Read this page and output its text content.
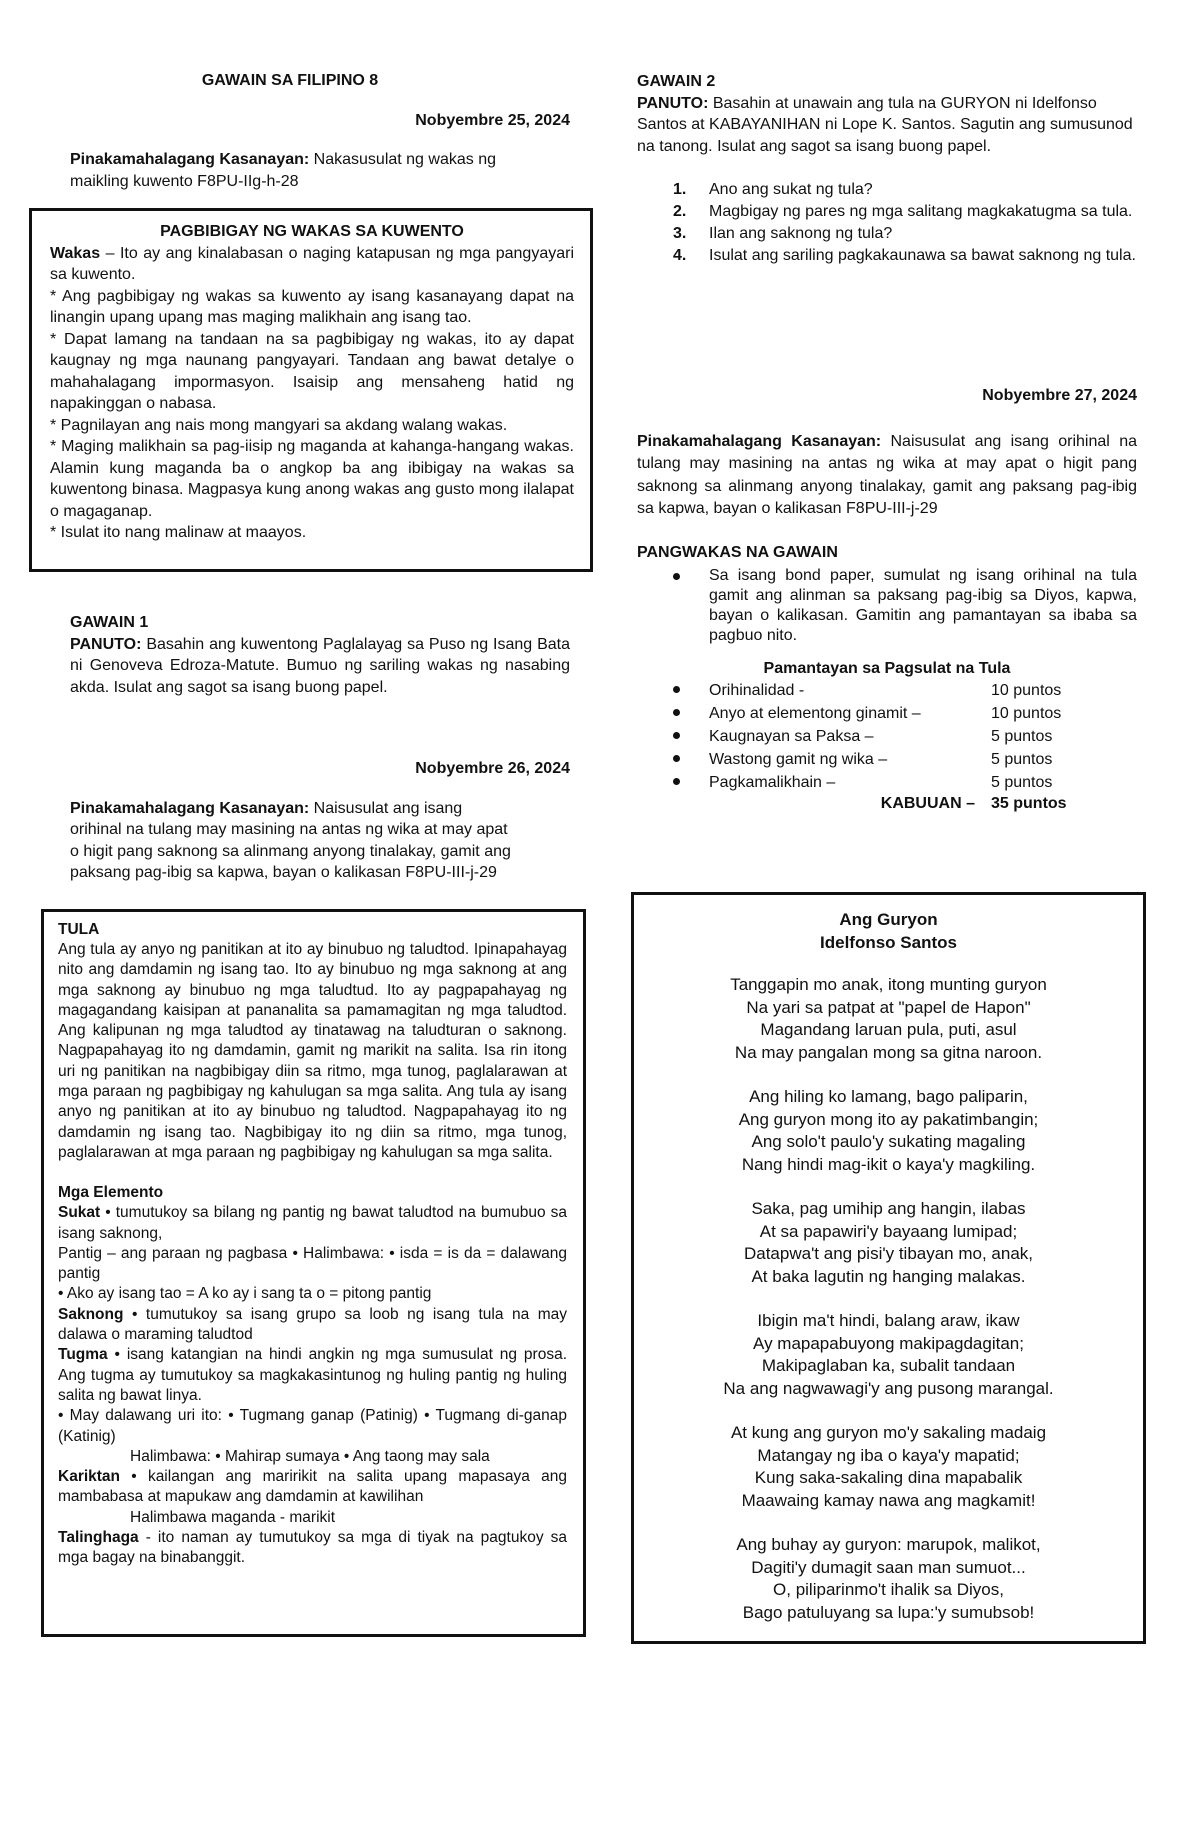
GAWAIN SA FILIPINO 8

Nobyembre 25, 2024

Pinakamahalagang Kasanayan: Nakasusulat ng wakas ng

maikling kuwento F8PU-IIg-h-28

PAGBIBIGAY NG WAKAS SA KUWENTO

Wakas – Ito ay ang kinalabasan o naging katapusan ng mga pangyayari sa kuwento.

* Ang pagbibigay ng wakas sa kuwento ay isang kasanayang dapat na linangin upang upang mas maging malikhain ang isang tao.

* Dapat lamang na tandaan na sa pagbibigay ng wakas, ito ay dapat kaugnay ng mga naunang pangyayari. Tandaan ang bawat detalye o mahahalagang impormasyon. Isaisip ang mensaheng hatid ng napakinggan o nabasa.

* Pagnilayan ang nais mong mangyari sa akdang walang wakas.

* Maging malikhain sa pag-iisip ng maganda at kahanga-hangang wakas. Alamin kung maganda ba o angkop ba ang ibibigay na wakas sa kuwentong binasa. Magpasya kung anong wakas ang gusto mong ilalapat o magaganap.

* Isulat ito nang malinaw at maayos.

GAWAIN 1

PANUTO: Basahin ang kuwentong Paglalayag sa Puso ng Isang Bata ni Genoveva Edroza-Matute. Bumuo ng sariling wakas ng nasabing akda. Isulat ang sagot sa isang buong papel.

Nobyembre 26, 2024

Pinakamahalagang Kasanayan: Naisusulat ang isang

orihinal na tulang may masining na antas ng wika at may apat

o higit pang saknong sa alinmang anyong tinalakay, gamit ang

paksang pag-ibig sa kapwa, bayan o kalikasan F8PU-III-j-29

TULA

Ang tula ay anyo ng panitikan at ito ay binubuo ng taludtod. Ipinapahayag nito ang damdamin ng isang tao. Ito ay binubuo ng mga saknong at ang mga saknong ay binubuo ng mga taludtud. Ito ay pagpapahayag ng magagandang kaisipan at pananalita sa pamamagitan ng mga taludtod. Ang kalipunan ng mga taludtod ay tinatawag na taludturan o saknong. Nagpapahayag ito ng damdamin, gamit ng marikit na salita. Isa rin itong uri ng panitikan na nagbibigay diin sa ritmo, mga tunog, paglalarawan at mga paraan ng pagbibigay ng kahulugan sa mga salita. Ang tula ay isang anyo ng panitikan at ito ay binubuo ng taludtod. Nagpapahayag ito ng damdamin ng isang tao. Nagbibigay ito ng diin sa ritmo, mga tunog, paglalarawan at mga paraan ng pagbibigay ng kahulugan sa mga salita.

Mga Elemento

Sukat • tumutukoy sa bilang ng pantig ng bawat taludtod na bumubuo sa isang saknong,

Pantig – ang paraan ng pagbasa • Halimbawa: • isda = is da = dalawang pantig

• Ako ay isang tao = A ko ay i sang ta o = pitong pantig

Saknong • tumutukoy sa isang grupo sa loob ng isang tula na may dalawa o maraming taludtod

Tugma • isang katangian na hindi angkin ng mga sumusulat ng prosa. Ang tugma ay tumutukoy sa magkakasintunog ng huling pantig ng huling salita ng bawat linya.

• May dalawang uri ito: • Tugmang ganap (Patinig) • Tugmang di-ganap (Katinig)

Halimbawa: • Mahirap sumaya • Ang taong may sala

Kariktan • kailangan ang maririkit na salita upang mapasaya ang mambabasa at mapukaw ang damdamin at kawilihan

Halimbawa maganda - marikit

Talinghaga - ito naman ay tumutukoy sa mga di tiyak na pagtukoy sa mga bagay na binabanggit.

GAWAIN 2

PANUTO: Basahin at unawain ang tula na GURYON ni Idelfonso Santos at KABAYANIHAN ni Lope K. Santos. Sagutin ang sumusunod na tanong. Isulat ang sagot sa isang buong papel.

1. Ano ang sukat ng tula?
2. Magbigay ng pares ng mga salitang magkakatugma sa tula.
3. Ilan ang saknong ng tula?
4. Isulat ang sariling pagkakaunawa sa bawat saknong ng tula.

Nobyembre 27, 2024

Pinakamahalagang Kasanayan: Naisusulat ang isang orihinal na tulang may masining na antas ng wika at may apat o higit pang saknong sa alinmang anyong tinalakay, gamit ang paksang pag-ibig sa kapwa, bayan o kalikasan F8PU-III-j-29

PANGWAKAS NA GAWAIN

Sa isang bond paper, sumulat ng isang orihinal na tula gamit ang alinman sa paksang pag-ibig sa Diyos, kapwa, bayan o kalikasan. Gamitin ang pamantayan sa ibaba sa pagbuo nito.

Pamantayan sa Pagsulat na Tula

Orihinalidad -	10 puntos
Anyo at elementong ginamit –	10 puntos
Kaugnayan sa Paksa –	5 puntos
Wastong gamit ng wika –	5 puntos
Pagkamalikhain –	5 puntos
KABUUAN –	35 puntos

Ang Guryon

Idelfonso Santos

Tanggapin mo anak, itong munting guryon

Na yari sa patpat at "papel de Hapon"

Magandang laruan pula, puti, asul

Na may pangalan mong sa gitna naroon.

Ang hiling ko lamang, bago paliparin,

Ang guryon mong ito ay pakatimbangin;

Ang solo't paulo'y sukating magaling

Nang hindi mag-ikit o kaya'y magkiling.

Saka, pag umihip ang hangin, ilabas

At sa papawiri'y bayaang lumipad;

Datapwa't ang pisi'y tibayan mo, anak,

At baka lagutin ng hanging malakas.

Ibigin ma't hindi, balang araw, ikaw

Ay mapapabuyong makipagdagitan;

Makipaglaban ka, subalit tandaan

Na ang nagwawagi'y ang pusong marangal.

At kung ang guryon mo'y sakaling madaig

Matangay ng iba o kaya'y mapatid;

Kung saka-sakaling dina mapabalik

Maawaing kamay nawa ang magkamit!

Ang buhay ay guryon: marupok, malikot,

Dagiti'y dumagit saan man sumuot...

O, piliparinmo't ihalik sa Diyos,

Bago patuluyang sa lupa:'y sumubsob!
